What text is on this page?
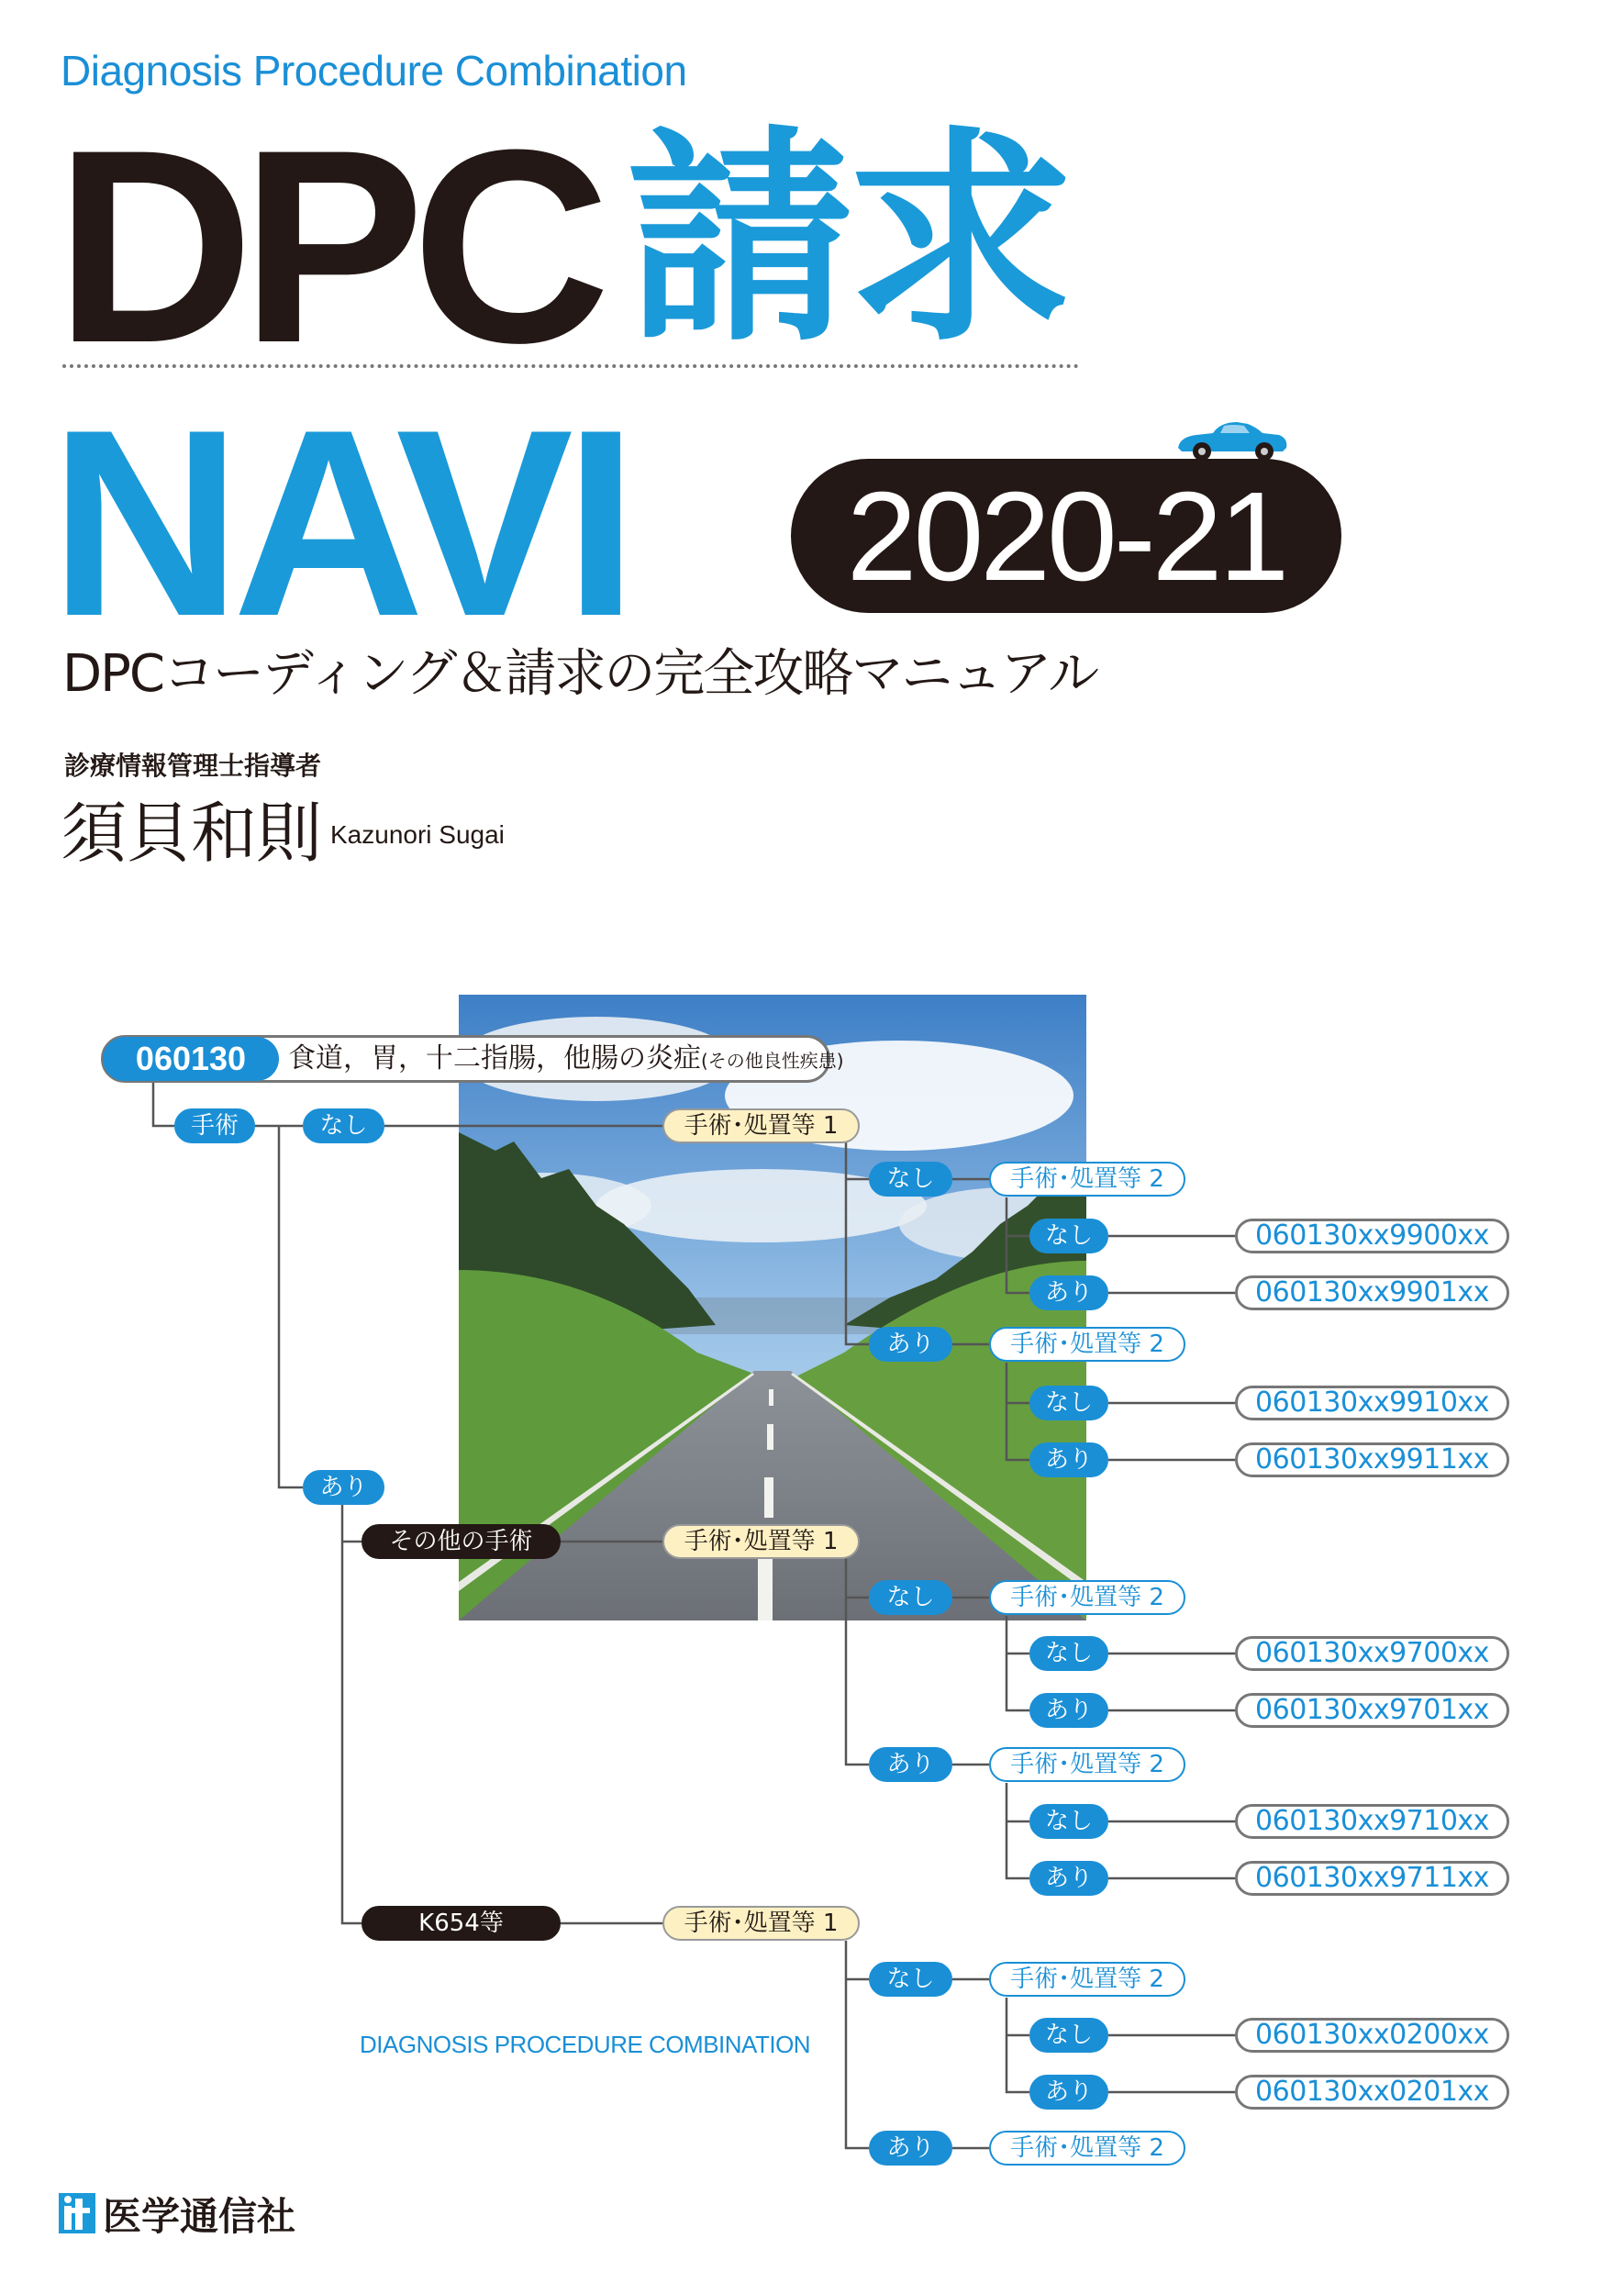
Diagnosis Procedure Combination
DPC 請求
NAVI	2020-21
DPCコーディング＆請求の完全攻略マニュアル
診療情報管理士指導者
須貝和則 Kazunori Sugai
060130	食道，胃，十二指腸，他腸の炎症(その他良性疾患)
手術	なし
あり
その他の手術
K654等
手術･処置等 1
手術･処置等 1
手術･処置等 1
なし
あり
手術･処置等 2
手術･処置等 2
なし
あり
なし
あり
060130xx9900xx
060130xx9901xx
060130xx9910xx
060130xx9911xx
なし
あり
手術･処置等 2
手術･処置等 2
なし
あり
なし
あり
060130xx9700xx
060130xx9701xx
060130xx9710xx
060130xx9711xx
なし
あり
手術･処置等 2
手術･処置等 2
なし
あり
060130xx0200xx
060130xx0201xx
DIAGNOSIS PROCEDURE COMBINATION
医学通信社
